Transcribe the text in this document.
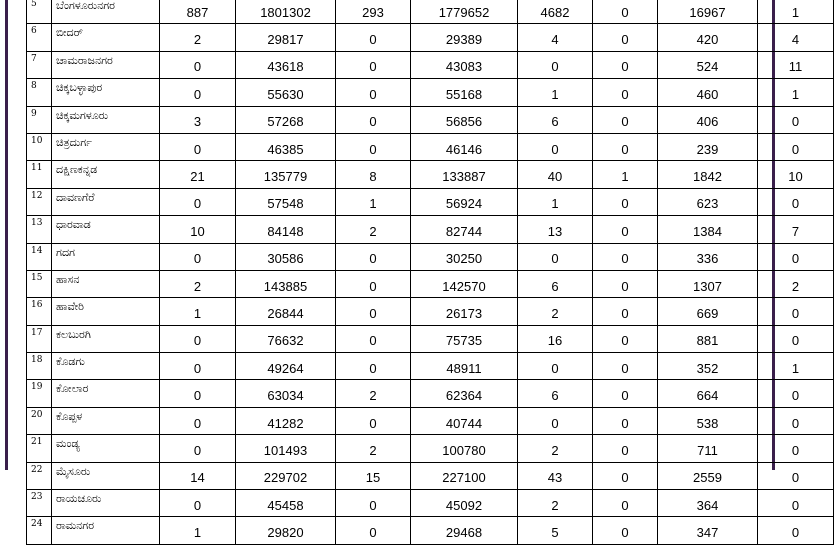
5	ಬೆಂಗಳೂರುನಗರ	887	1801302	293	1779652	4682	0	16967	1
6	ಬೀದರ್	2	29817	0	29389	4	0	420	4
7	ಚಾಮರಾಜನಗರ	0	43618	0	43083	0	0	524	11
8	ಚಿಕ್ಕಬಳ್ಳಾಪುರ	0	55630	0	55168	1	0	460	1
9	ಚಿಕ್ಕಮಗಳೂರು	3	57268	0	56856	6	0	406	0
10	ಚಿತ್ರದುರ್ಗ	0	46385	0	46146	0	0	239	0
11	ದಕ್ಷಿಣಕನ್ನಡ	21	135779	8	133887	40	1	1842	10
12	ದಾವಣಗೆರೆ	0	57548	1	56924	1	0	623	0
13	ಧಾರವಾಡ	10	84148	2	82744	13	0	1384	7
14	ಗದಗ	0	30586	0	30250	0	0	336	0
15	ಹಾಸನ	2	143885	0	142570	6	0	1307	2
16	ಹಾವೇರಿ	1	26844	0	26173	2	0	669	0
17	ಕಲಬುರಗಿ	0	76632	0	75735	16	0	881	0
18	ಕೊಡಗು	0	49264	0	48911	0	0	352	1
19	ಕೋಲಾರ	0	63034	2	62364	6	0	664	0
20	ಕೊಪ್ಪಳ	0	41282	0	40744	0	0	538	0
21	ಮಂಡ್ಯ	0	101493	2	100780	2	0	711	0
22	ಮೈಸೂರು	14	229702	15	227100	43	0	2559	0
23	ರಾಯಚೂರು	0	45458	0	45092	2	0	364	0
24	ರಾಮನಗರ	1	29820	0	29468	5	0	347	0
